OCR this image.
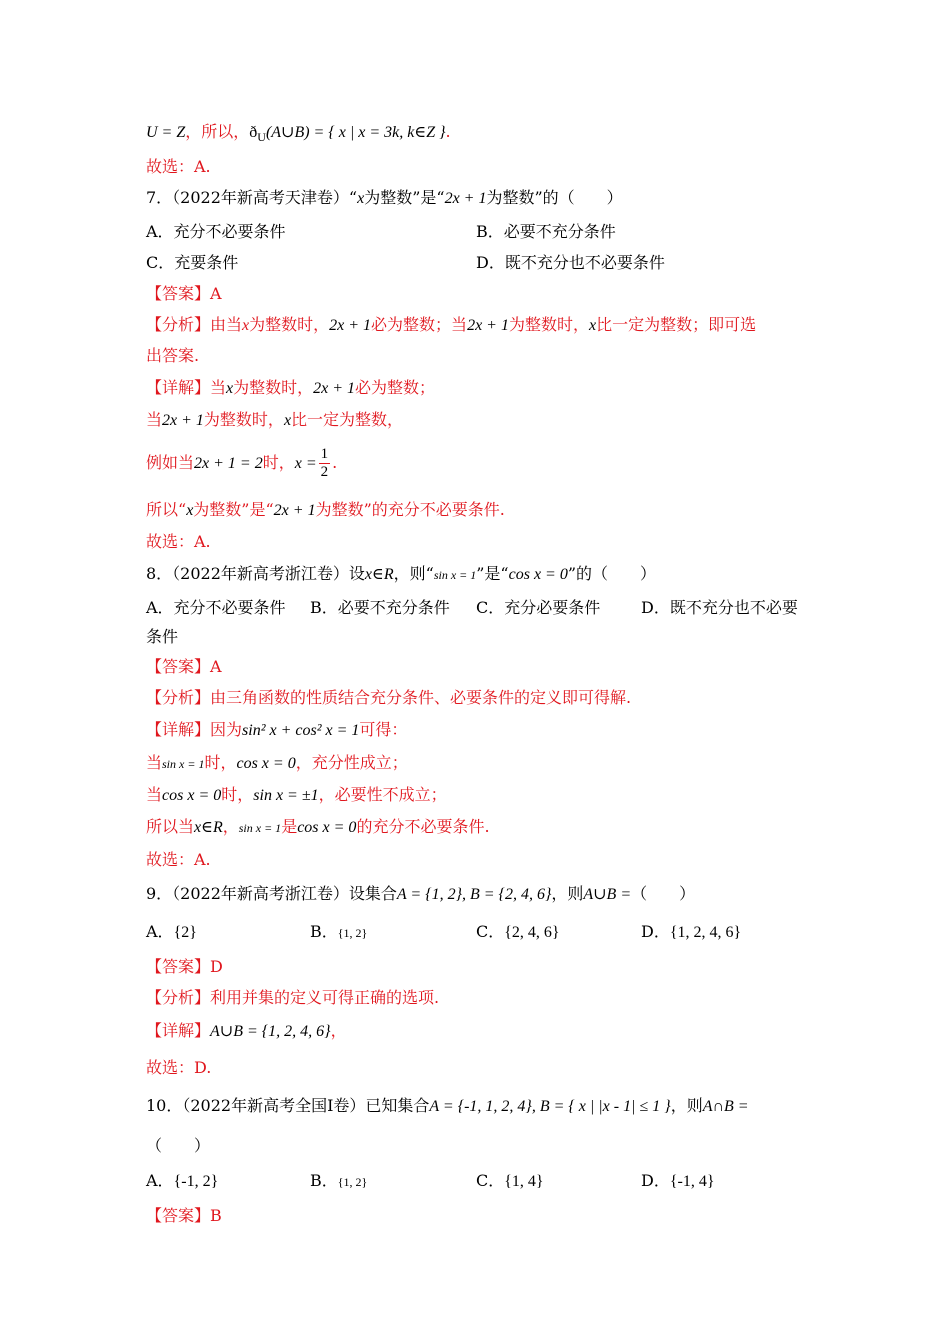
U = Z，所以，$ð_U(A\cup B)$ = { x | x = 3k, k∈Z }.
故选：A.
7．（2022年新高考天津卷）“x为整数”是“2x + 1为整数”的（　　）
A．充分不必要条件	B．必要不充分条件
C．充要条件	D．既不充分也不必要条件
【答案】A
【分析】由当x为整数时，2x + 1必为整数；当2x + 1为整数时，x比一定为整数；即可选
出答案.
【详解】当x为整数时，2x + 1必为整数；
当2x + 1为整数时，x比一定为整数，
例如当2x + 1 = 2时，$x = \frac{1}{2}$ .
所以“x为整数”是“2x + 1为整数”的充分不必要条件.
故选：A.
8．（2022年新高考浙江卷）设x∈R，则“sin x = 1”是“cos x = 0”的（　　）
A．充分不必要条件 B．必要不充分条件 C．充分必要条件	D．既不充分也不必要
条件
【答案】A
【分析】由三角函数的性质结合充分条件、必要条件的定义即可得解.
【详解】因为sin² x + cos² x = 1可得：
当sin x = 1时，cos x = 0，充分性成立；
当cos x = 0时，sin x = ±1，必要性不成立；
所以当x∈R，sin x = 1是cos x = 0的充分不必要条件.
故选：A.
9．（2022年新高考浙江卷）设集合A = {1, 2}, B = {2, 4, 6}，则A∪B =（　　）
A．{2}	B．{1, 2}	C．{2, 4, 6}	D．{1, 2, 4, 6}
【答案】D
【分析】利用并集的定义可得正确的选项.
【详解】A∪B = {1, 2, 4, 6}，
故选：D.
10．（2022年新高考全国I卷）已知集合A = {-1, 1, 2, 4}, B = { x | |x - 1| ≤ 1 }，则A∩B =
（　　）
A．{-1, 2}	B．{1, 2}	C．{1, 4}	D．{-1, 4}
【答案】B
